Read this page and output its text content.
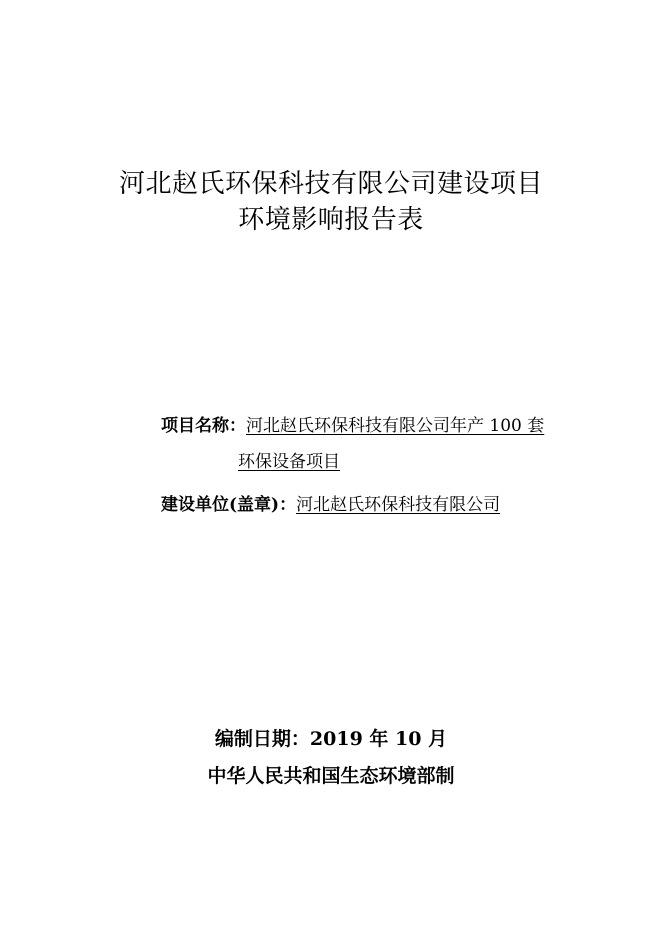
河北赵氏环保科技有限公司建设项目
环境影响报告表
项目名称：河北赵氏环保科技有限公司年产 100 套
环保设备项目
建设单位(盖章)：河北赵氏环保科技有限公司
编制日期：2019 年 10 月
中华人民共和国生态环境部制
